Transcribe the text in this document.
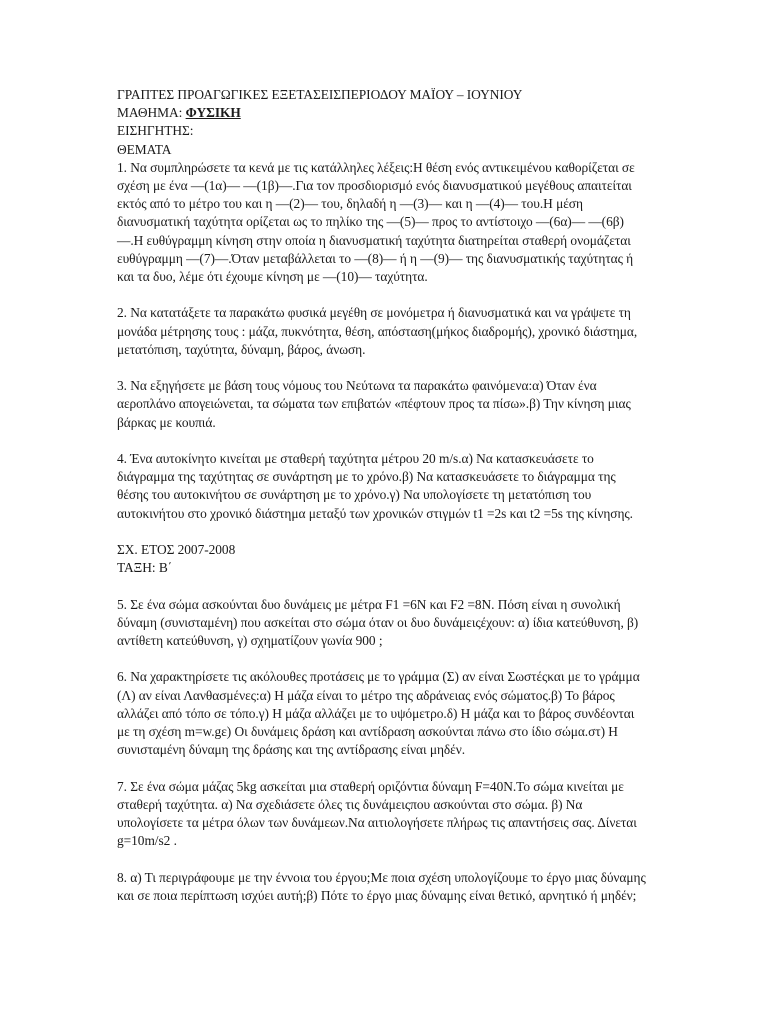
ΓΡΑΠΤΕΣ ΠΡΟΑΓΩΓΙΚΕΣ ΕΞΕΤΑΣΕΙΣΠΕΡΙΟΔΟΥ ΜΑΪΟΥ – ΙΟΥΝΙΟΥ
ΜΑΘΗΜΑ: ΦΥΣΙΚΗ
ΕΙΣΗΓΗΤΗΣ:
ΘΕΜΑΤΑ

1. Να συμπληρώσετε τα κενά με τις κατάλληλες λέξεις:Η θέση ενός αντικειμένου καθορίζεται σε σχέση με ένα —(1α)— —(1β)—.Για τον προσδιορισμό ενός διανυσματικού μεγέθους απαιτείται εκτός από το μέτρο του και η —(2)— του, δηλαδή η —(3)— και η —(4)— του.Η μέση διανυσματική ταχύτητα ορίζεται ως το πηλίκο της —(5)— προς το αντίστοιχο —(6α)— —(6β)—.Η ευθύγραμμη κίνηση στην οποία η διανυσματική ταχύτητα διατηρείται σταθερή ονομάζεται ευθύγραμμη —(7)—.Όταν μεταβάλλεται το —(8)— ή η —(9)— της διανυσματικής ταχύτητας ή και τα δυο, λέμε ότι έχουμε κίνηση με —(10)— ταχύτητα.

2. Να κατατάξετε τα παρακάτω φυσικά μεγέθη σε μονόμετρα ή διανυσματικά και να γράψετε τη μονάδα μέτρησης τους : μάζα, πυκνότητα, θέση, απόσταση(μήκος διαδρομής), χρονικό διάστημα, μετατόπιση, ταχύτητα, δύναμη, βάρος, άνωση.

3. Να εξηγήσετε με βάση τους νόμους του Νεύτωνα τα παρακάτω φαινόμενα:α) Όταν ένα αεροπλάνο απογειώνεται, τα σώματα των επιβατών «πέφτουν προς τα πίσω».β) Την κίνηση μιας βάρκας με κουπιά.

4. Ένα αυτοκίνητο κινείται με σταθερή ταχύτητα μέτρου 20 m/s.α) Να κατασκευάσετε το διάγραμμα της ταχύτητας σε συνάρτηση με το χρόνο.β) Να κατασκευάσετε το διάγραμμα της θέσης του αυτοκινήτου σε συνάρτηση με το χρόνο.γ) Να υπολογίσετε τη μετατόπιση του αυτοκινήτου στο χρονικό διάστημα μεταξύ των χρονικών στιγμών t1 =2s και t2 =5s της κίνησης.

ΣΧ. ΕΤΟΣ 2007-2008
ΤΑΞΗ: Β΄

5. Σε ένα σώμα ασκούνται δυο δυνάμεις με μέτρα F1 =6N και F2 =8N. Πόση είναι η συνολική δύναμη (συνισταμένη) που ασκείται στο σώμα όταν οι δυο δυνάμειςέχουν: α) ίδια κατεύθυνση, β) αντίθετη κατεύθυνση, γ) σχηματίζουν γωνία 900 ;

6. Να χαρακτηρίσετε τις ακόλουθες προτάσεις με το γράμμα (Σ) αν είναι Σωστέςκαι με το γράμμα (Λ) αν είναι Λανθασμένες:α) Η μάζα είναι το μέτρο της αδράνειας ενός σώματος.β) Το βάρος αλλάζει από τόπο σε τόπο.γ) Η μάζα αλλάζει με το υψόμετρο.δ) Η μάζα και το βάρος συνδέονται με τη σχέση m=w.gε) Οι δυνάμεις δράση και αντίδραση ασκούνται πάνω στο ίδιο σώμα.στ) Η συνισταμένη δύναμη της δράσης και της αντίδρασης είναι μηδέν.

7. Σε ένα σώμα μάζας 5kg ασκείται μια σταθερή οριζόντια δύναμη F=40N.Το σώμα κινείται με σταθερή ταχύτητα. α) Να σχεδιάσετε όλες τις δυνάμειςπου ασκούνται στο σώμα. β) Να υπολογίσετε τα μέτρα όλων των δυνάμεων.Να αιτιολογήσετε πλήρως τις απαντήσεις σας. Δίνεται g=10m/s2 .

8. α) Τι περιγράφουμε με την έννοια του έργου;Με ποια σχέση υπολογίζουμε το έργο μιας δύναμης και σε ποια περίπτωση ισχύει αυτή;β) Πότε το έργο μιας δύναμης είναι θετικό, αρνητικό ή μηδέν;
